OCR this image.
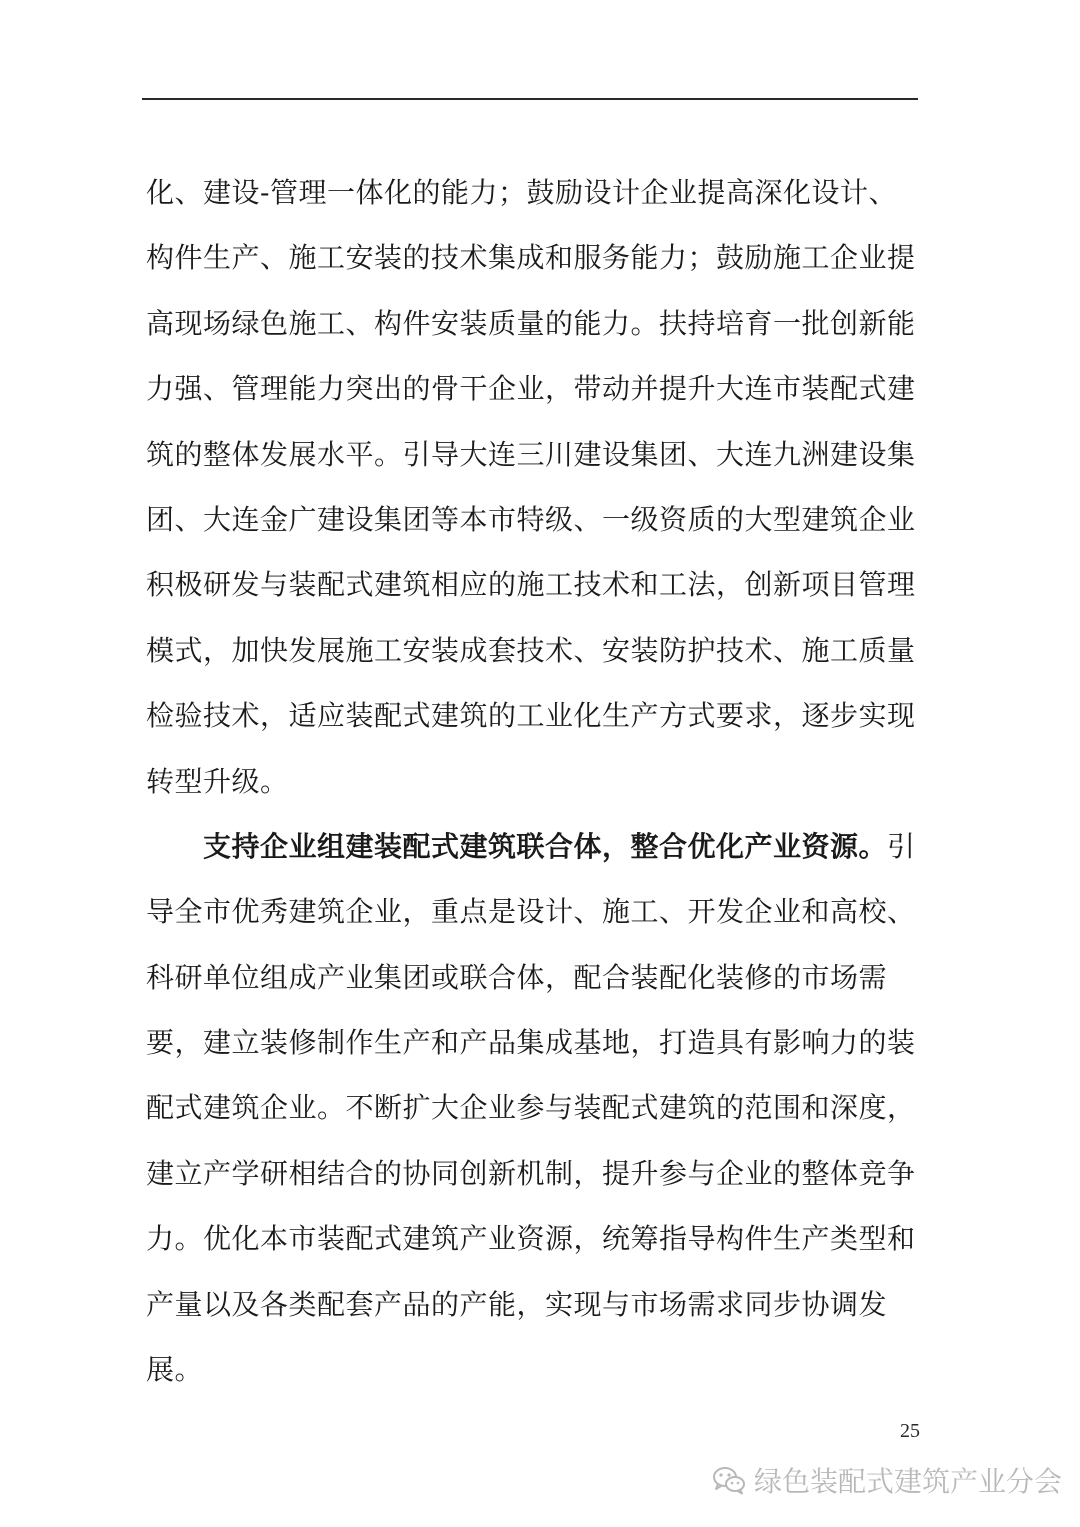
化、建设-管理一体化的能力；鼓励设计企业提高深化设计、
构件生产、施工安装的技术集成和服务能力；鼓励施工企业提
高现场绿色施工、构件安装质量的能力。扶持培育一批创新能
力强、管理能力突出的骨干企业，带动并提升大连市装配式建
筑的整体发展水平。引导大连三川建设集团、大连九洲建设集
团、大连金广建设集团等本市特级、一级资质的大型建筑企业
积极研发与装配式建筑相应的施工技术和工法，创新项目管理
模式，加快发展施工安装成套技术、安装防护技术、施工质量
检验技术，适应装配式建筑的工业化生产方式要求，逐步实现
转型升级。
　　支持企业组建装配式建筑联合体，整合优化产业资源。引
导全市优秀建筑企业，重点是设计、施工、开发企业和高校、
科研单位组成产业集团或联合体，配合装配化装修的市场需
要，建立装修制作生产和产品集成基地，打造具有影响力的装
配式建筑企业。不断扩大企业参与装配式建筑的范围和深度，
建立产学研相结合的协同创新机制，提升参与企业的整体竞争
力。优化本市装配式建筑产业资源，统筹指导构件生产类型和
产量以及各类配套产品的产能，实现与市场需求同步协调发
展。
25
绿色装配式建筑产业分会
